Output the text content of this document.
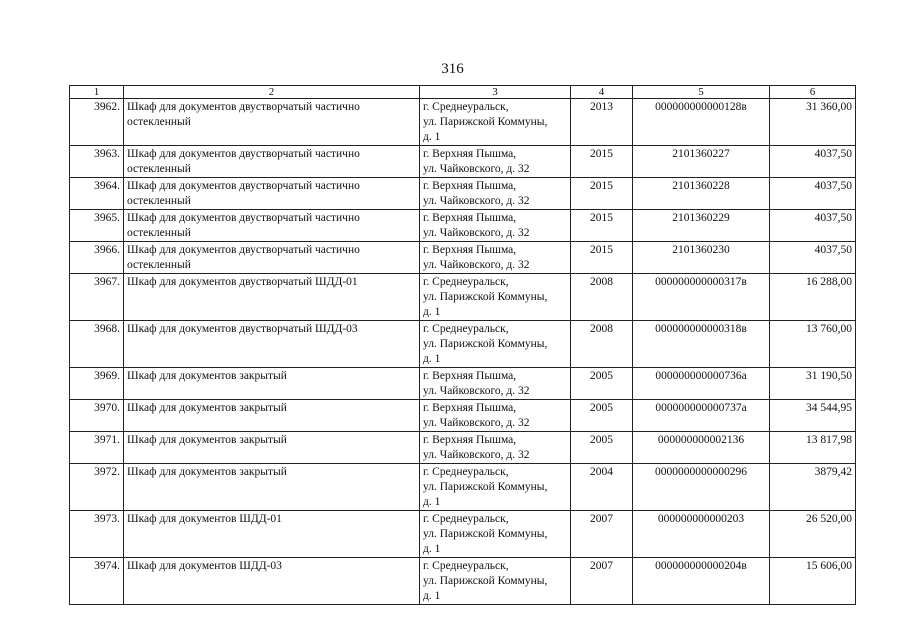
316
1	2	3	4	5	6
3962.	Шкаф для документов двустворчатый частично остекленный	г. Среднеуральск,
ул. Парижской Коммуны,
д. 1	2013	000000000000128в	31 360,00
3963.	Шкаф для документов двустворчатый частично остекленный	г. Верхняя Пышма,
ул. Чайковского, д. 32	2015	2101360227	4037,50
3964.	Шкаф для документов двустворчатый частично остекленный	г. Верхняя Пышма,
ул. Чайковского, д. 32	2015	2101360228	4037,50
3965.	Шкаф для документов двустворчатый частично остекленный	г. Верхняя Пышма,
ул. Чайковского, д. 32	2015	2101360229	4037,50
3966.	Шкаф для документов двустворчатый частично остекленный	г. Верхняя Пышма,
ул. Чайковского, д. 32	2015	2101360230	4037,50
3967.	Шкаф для документов двустворчатый ШДД-01	г. Среднеуральск,
ул. Парижской Коммуны,
д. 1	2008	000000000000317в	16 288,00
3968.	Шкаф для документов двустворчатый ШДД-03	г. Среднеуральск,
ул. Парижской Коммуны,
д. 1	2008	000000000000318в	13 760,00
3969.	Шкаф для документов закрытый	г. Верхняя Пышма,
ул. Чайковского, д. 32	2005	000000000000736а	31 190,50
3970.	Шкаф для документов закрытый	г. Верхняя Пышма,
ул. Чайковского, д. 32	2005	000000000000737а	34 544,95
3971.	Шкаф для документов закрытый	г. Верхняя Пышма,
ул. Чайковского, д. 32	2005	000000000002136	13 817,98
3972.	Шкаф для документов закрытый	г. Среднеуральск,
ул. Парижской Коммуны,
д. 1	2004	0000000000000296	3879,42
3973.	Шкаф для документов ШДД-01	г. Среднеуральск,
ул. Парижской Коммуны,
д. 1	2007	000000000000203	26 520,00
3974.	Шкаф для документов ШДД-03	г. Среднеуральск,
ул. Парижской Коммуны,
д. 1	2007	000000000000204в	15 606,00
